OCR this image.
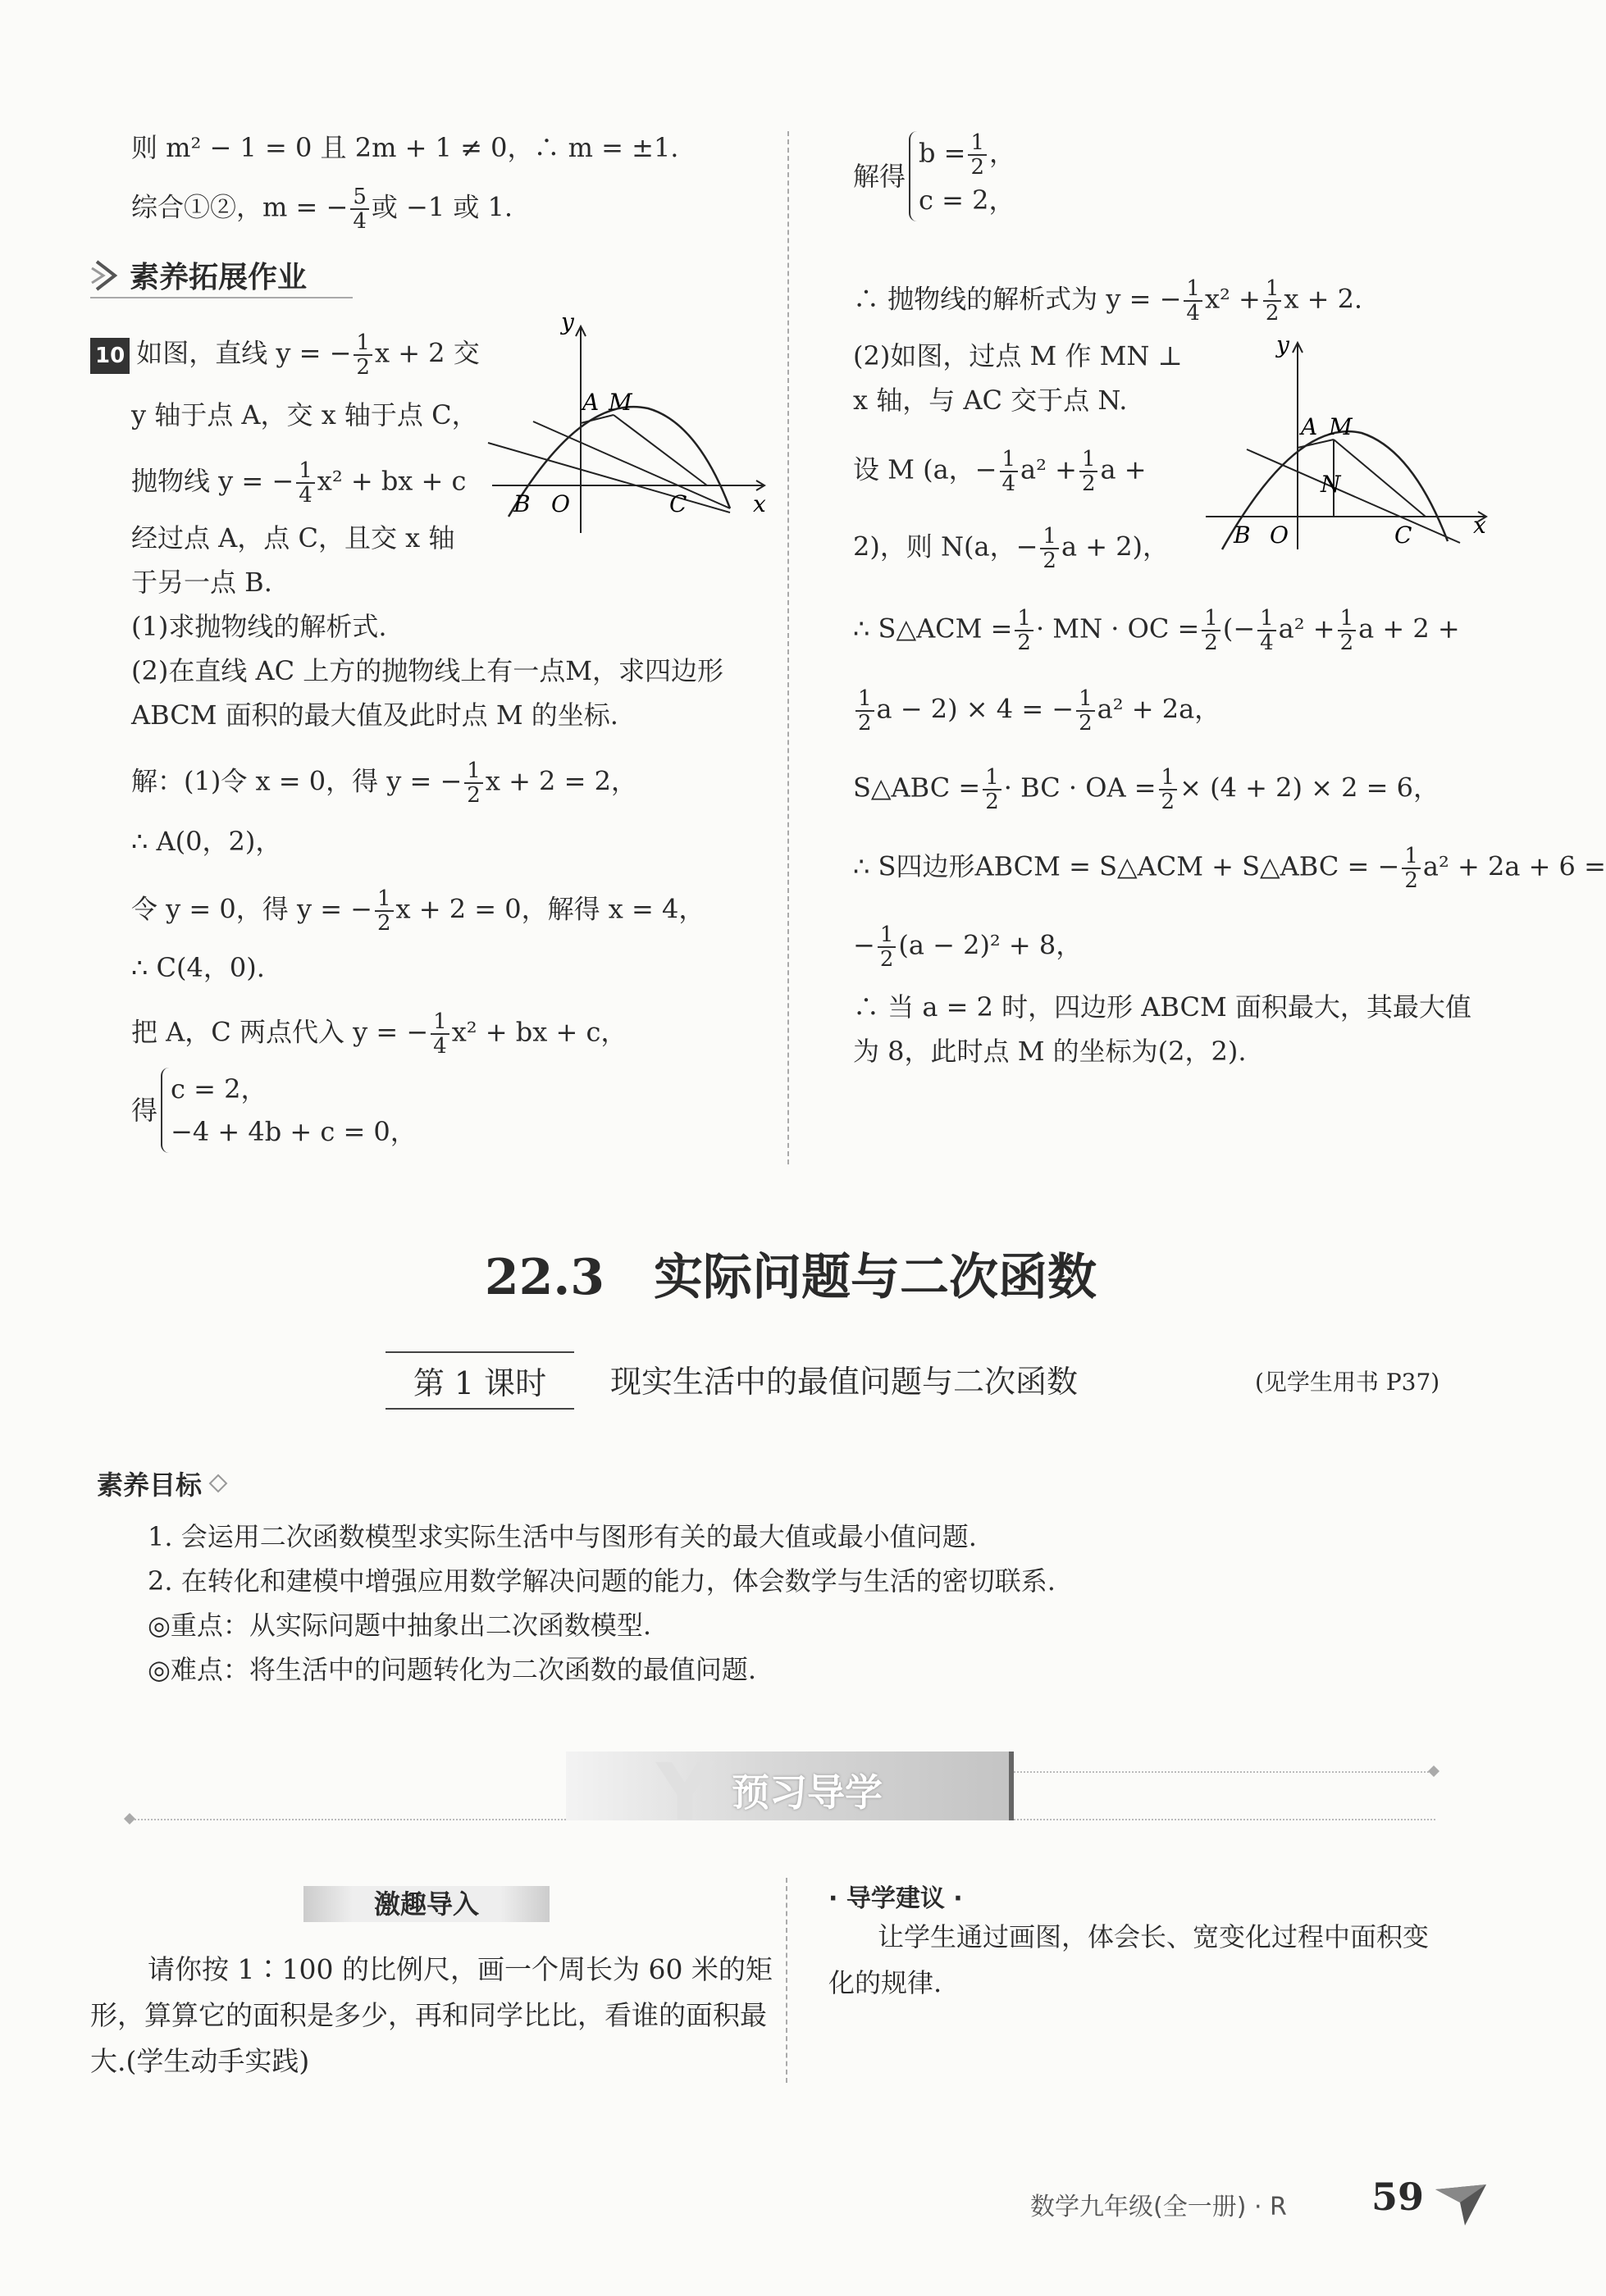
则 m² − 1 = 0 且 2m + 1 ≠ 0，∴ m = ±1.
综合①②，m = − $\frac{5}{4}$ 或 −1 或 1.
素养拓展作业
10 如图，直线 y = − $\frac{1}{2}$ x + 2 交
y 轴于点 A，交 x 轴于点 C，
抛物线 y = − $\frac{1}{4} x^2$ + bx + c
经过点 A，点 C，且交 x 轴
于另一点 B.
(1)求抛物线的解析式.
(2)在直线 AC 上方的抛物线上有一点M，求四边形
ABCM 面积的最大值及此时点 M 的坐标.
y
x
A M
B O	C
解：(1)令 x = 0，得 y = − $\frac{1}{2}$ x + 2 = 2，
∴ A(0，2)，
令 y = 0，得 y = − $\frac{1}{2}$ x + 2 = 0，解得 x = 4，
∴ C(4，0).
把 A，C 两点代入 y = − $\frac{1}{4} x^2$ + bx + c，
得
c = 2，
−4 + 4b + c = 0，
解得
$b = \frac{1}{2}$ ，
c = 2，
∴ 抛物线的解析式为 y = − $\frac{1}{4} x^2 + \frac{1}{2}$ x + 2.
(2)如图，过点 M 作 MN ⊥
x 轴，与 AC 交于点 N.
设 M (a，− $\frac{1}{4} a^2 + \frac{1}{2}$ a +
2)，则 N(a，− $\frac{1}{2}$ a + 2)，
y
x
A M
N
B O	C
∴ S△ACM = $\frac{1}{2}$ · MN · OC = $\frac{1}{2}$ (− $\frac{1}{4} a^2 + \frac{1}{2}$ a + 2 +
$\frac{1}{2}$ a − 2) × 4 = − $\frac{1}{2} a^2 + 2a$，
S△ABC = $\frac{1}{2}$ · BC · OA = $\frac{1}{2} \times (4 + 2) \times 2 = 6$，
∴ S四边形ABCM = S△ACM + S△ABC = − $\frac{1}{2} a^2 + 2a + 6$ =
− $\frac{1}{2} (a - 2)^2 + 8$，
∴ 当 a = 2 时，四边形 ABCM 面积最大，其最大值
为 8，此时点 M 的坐标为(2，2).
22.3　实际问题与二次函数
第 1 课时	现实生活中的最值问题与二次函数	(见学生用书 P37)
素养目标
1. 会运用二次函数模型求实际生活中与图形有关的最大值或最小值问题.
2. 在转化和建模中增强应用数学解决问题的能力，体会数学与生活的密切联系.
◎重点：从实际问题中抽象出二次函数模型.
◎难点：将生活中的问题转化为二次函数的最值问题.
Y 预习导学
激趣导入
请你按 1∶100 的比例尺，画一个周长为 60 米的矩
形，算算它的面积是多少，再和同学比比，看谁的面积最
大.(学生动手实践)
· 导学建议 ·
让学生通过画图，体会长、宽变化过程中面积变
化的规律.
数学九年级(全一册) · R 59
